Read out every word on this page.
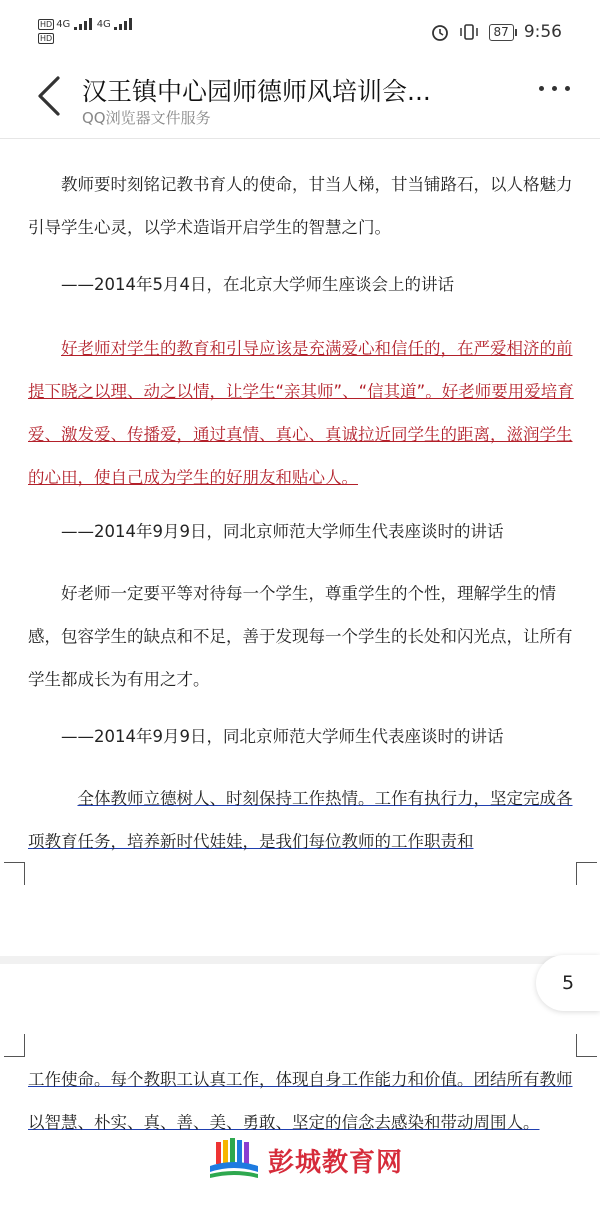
HD 4G	4G
HD	87 9:56
汉王镇中心园师德师风培训会...
QQ浏览器文件服务
教师要时刻铭记教书育人的使命，甘当人梯，甘当铺路石，以人格魅力引导学生心灵，以学术造诣开启学生的智慧之门。
——2014年5月4日，在北京大学师生座谈会上的讲话
好老师对学生的教育和引导应该是充满爱心和信任的，在严爱相济的前提下晓之以理、动之以情，让学生“亲其师”、“信其道”。好老师要用爱培育爱、激发爱、传播爱，通过真情、真心、真诚拉近同学生的距离，滋润学生的心田，使自己成为学生的好朋友和贴心人。
——2014年9月9日，同北京师范大学师生代表座谈时的讲话
好老师一定要平等对待每一个学生，尊重学生的个性，理解学生的情感，包容学生的缺点和不足，善于发现每一个学生的长处和闪光点，让所有学生都成长为有用之才。
——2014年9月9日，同北京师范大学师生代表座谈时的讲话
全体教师立德树人、时刻保持工作热情。工作有执行力，坚定完成各项教育任务，培养新时代娃娃，是我们每位教师的工作职责和
5
工作使命。每个教职工认真工作，体现自身工作能力和价值。团结所有教师以智慧、朴实、真、善、美、勇敢、坚定的信念去感染和带动周围人。
彭城教育网
